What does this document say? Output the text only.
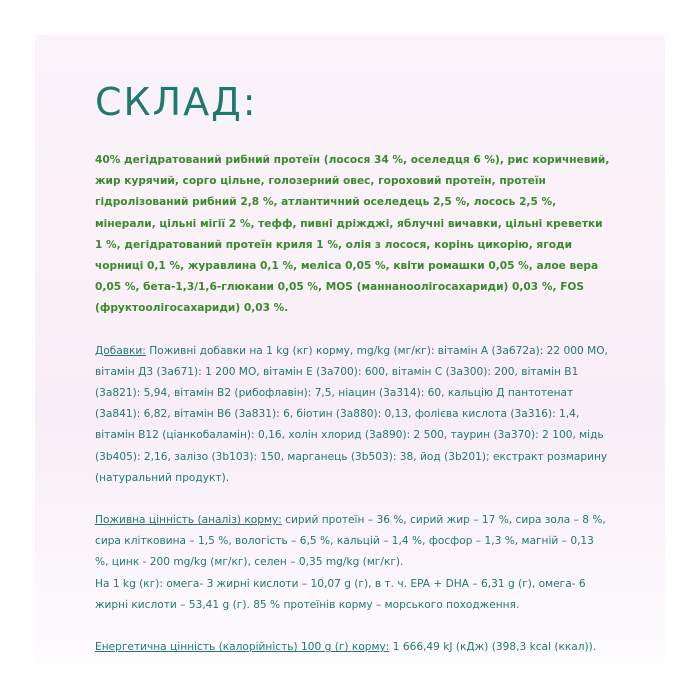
СКЛАД:

40% дегідратований рибний протеїн (лосося 34 %, оселедця 6 %), рис коричневий, жир курячий, сорго цільне, голозерний овес, гороховий протеїн, протеїн гідролізований рибний 2,8 %, атлантичний оселедець 2,5 %, лосось 2,5 %, мінерали, цільні мігії 2 %, тефф, пивні дріжджі, яблучні вичавки, цільні креветки 1 %, дегідратований протеїн криля 1 %, олія з лосося, корінь цикорію, ягоди чорниці 0,1 %, журавлина 0,1 %, меліса 0,05 %, квіти ромашки 0,05 %, алое вера 0,05 %, бета-1,3/1,6-глюкани 0,05 %, MOS (маннаноолігосахариди) 0,03 %, FOS (фруктоолігосахариди) 0,03 %.

Добавки: Поживні добавки на 1 kg (кг) корму, mg/kg (мг/кг): вітамін А (3а672а): 22 000 МО, вітамін Д3 (3а671): 1 200 МО, вітамін Е (3а700): 600, вітамін С (3а300): 200, вітамін В1 (3а821): 5,94, вітамін В2 (рибофлавін): 7,5, ніацин (3а314): 60, кальцію Д пантотенат (3а841): 6,82, вітамін В6 (3а831): 6, біотин (3а880): 0,13, фолієва кислота (3а316): 1,4, вітамін В12 (ціанкобаламін): 0,16, холін хлорид (3а890): 2 500, таурин (3а370): 2 100, мідь (3b405): 2,16, залізо (3b103): 150, марганець (3b503): 38, йод (3b201); екстракт розмарину (натуральний продукт).

Поживна цінність (аналіз) корму: сирий протеїн – 36 %, сирий жир – 17 %, сира зола – 8 %, сира клітковина – 1,5 %, вологість – 6,5 %, кальцій – 1,4 %, фосфор – 1,3 %, магній – 0,13 %, цинк - 200 mg/kg (мг/кг), селен – 0,35 mg/kg (мг/кг).

На 1 kg (кг): омега- 3 жирні кислоти – 10,07 g (г), в т. ч. EPA + DHA – 6,31 g (г), омега- 6 жирні кислоти – 53,41 g (г). 85 % протеїнів корму – морського походження.

Енергетична цінність (калорійність) 100 g (г) корму: 1 666,49 kJ (кДж) (398,3 kcal (ккал)).
